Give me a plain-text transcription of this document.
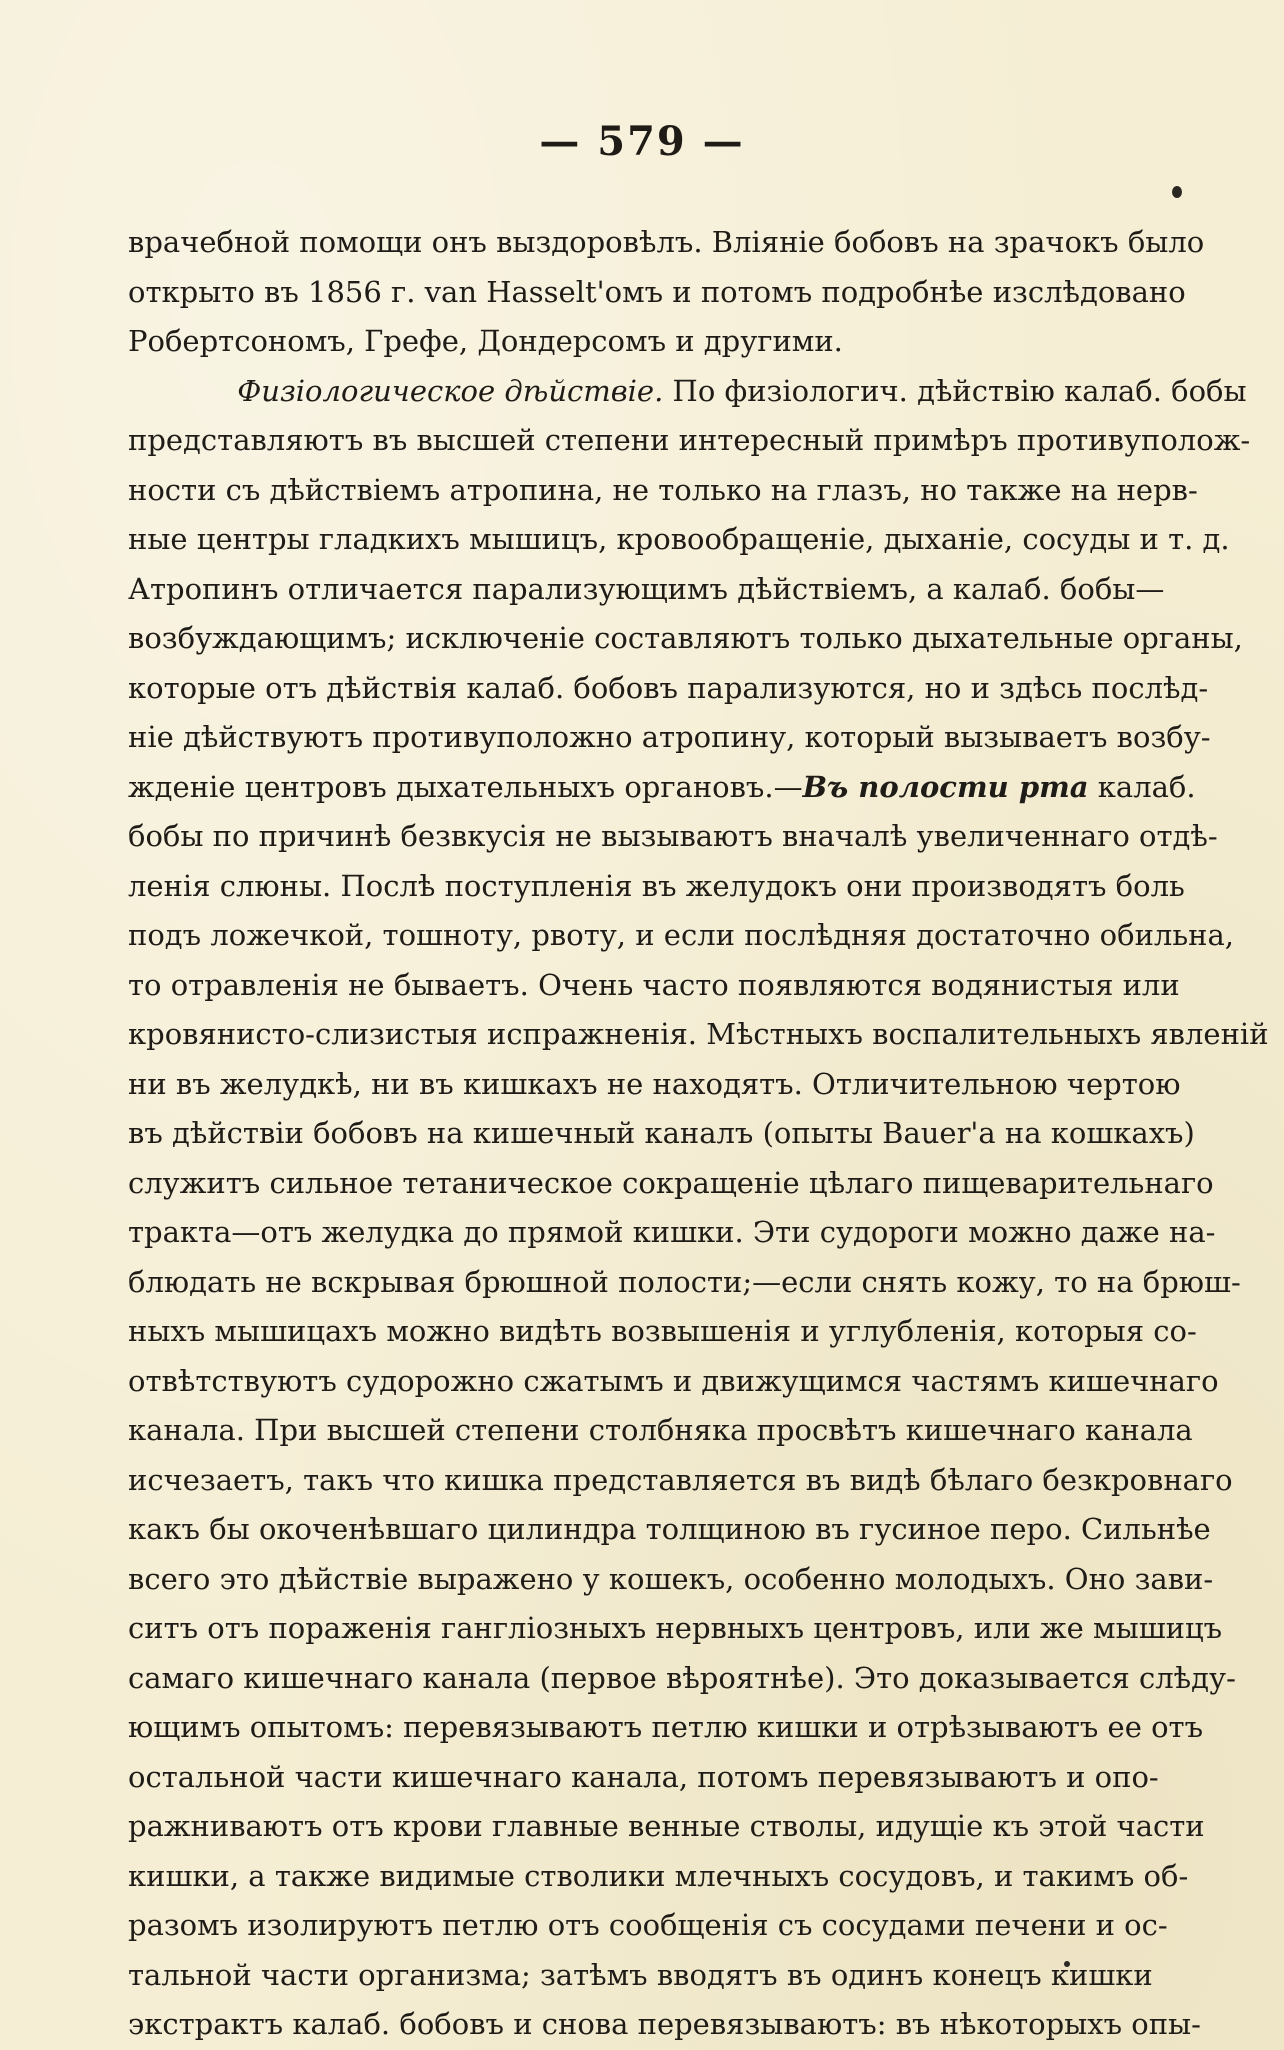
— 579 —
врачебной помощи онъ выздоровѣлъ. Вліяніе бобовъ на зрачокъ было
открыто въ 1856 г. van Hasselt'омъ и потомъ подробнѣе изслѣдовано
Робертсономъ, Грефе, Дондерсомъ и другими.
Физіологическое дѣйствіе. По физіологич. дѣйствію калаб. бобы
представляютъ въ высшей степени интересный примѣръ противуполож-
ности съ дѣйствіемъ атропина, не только на глазъ, но также на нерв-
ные центры гладкихъ мышицъ, кровообращеніе, дыханіе, сосуды и т. д.
Атропинъ отличается парализующимъ дѣйствіемъ, а калаб. бобы—
возбуждающимъ; исключеніе составляютъ только дыхательные органы,
которые отъ дѣйствія калаб. бобовъ парализуются, но и здѣсь послѣд-
ніе дѣйствуютъ противуположно атропину, который вызываетъ возбу-
жденіе центровъ дыхательныхъ органовъ.—Въ полости рта калаб.
бобы по причинѣ безвкусія не вызываютъ вначалѣ увеличеннаго отдѣ-
ленія слюны. Послѣ поступленія въ желудокъ они производятъ боль
подъ ложечкой, тошноту, рвоту, и если послѣдняя достаточно обильна,
то отравленія не бываетъ. Очень часто появляются водянистыя или
кровянисто-слизистыя испражненія. Мѣстныхъ воспалительныхъ явленій
ни въ желудкѣ, ни въ кишкахъ не находятъ. Отличительною чертою
въ дѣйствіи бобовъ на кишечный каналъ (опыты Bauer'а на кошкахъ)
служитъ сильное тетаническое сокращеніе цѣлаго пищеварительнаго
тракта—отъ желудка до прямой кишки. Эти судороги можно даже на-
блюдать не вскрывая брюшной полости;—если снять кожу, то на брюш-
ныхъ мышицахъ можно видѣть возвышенія и углубленія, которыя со-
отвѣтствуютъ судорожно сжатымъ и движущимся частямъ кишечнаго
канала. При высшей степени столбняка просвѣтъ кишечнаго канала
исчезаетъ, такъ что кишка представляется въ видѣ бѣлаго безкровнаго
какъ бы окоченѣвшаго цилиндра толщиною въ гусиное перо. Сильнѣе
всего это дѣйствіе выражено у кошекъ, особенно молодыхъ. Оно зави-
ситъ отъ пораженія гангліозныхъ нервныхъ центровъ, или же мышицъ
самаго кишечнаго канала (первое вѣроятнѣе). Это доказывается слѣду-
ющимъ опытомъ: перевязываютъ петлю кишки и отрѣзываютъ ее отъ
остальной части кишечнаго канала, потомъ перевязываютъ и опо-
ражниваютъ отъ крови главные венные стволы, идущіе къ этой части
кишки, а также видимые стволики млечныхъ сосудовъ, и такимъ об-
разомъ изолируютъ петлю отъ сообщенія съ сосудами печени и ос-
тальной части организма; затѣмъ вводятъ въ одинъ конецъ кишки
экстрактъ калаб. бобовъ и снова перевязываютъ: въ нѣкоторыхъ опы-
